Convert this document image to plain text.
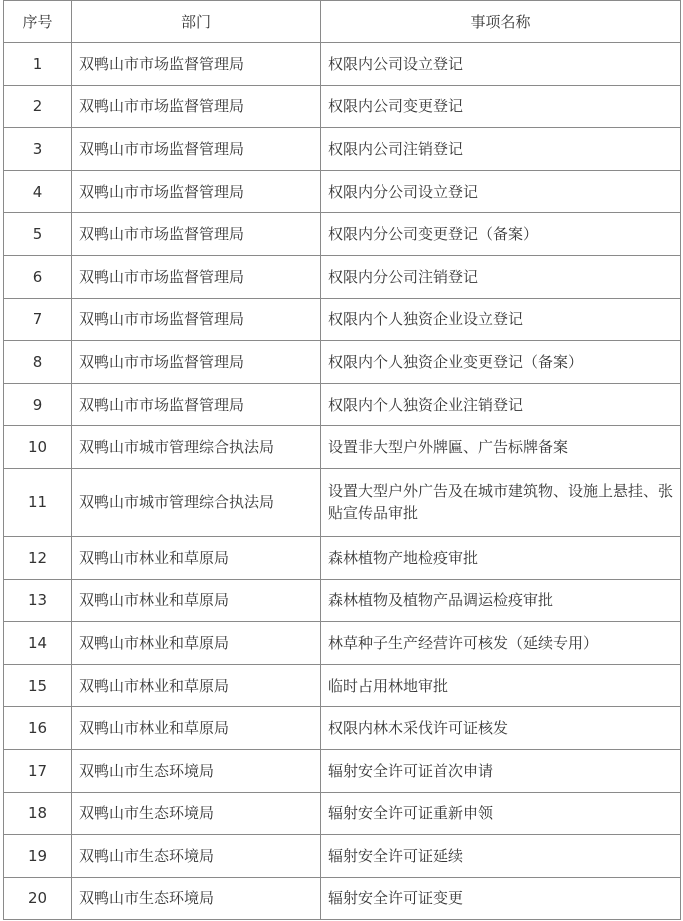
序号	部门	事项名称
1	双鸭山市市场监督管理局	权限内公司设立登记
2	双鸭山市市场监督管理局	权限内公司变更登记
3	双鸭山市市场监督管理局	权限内公司注销登记
4	双鸭山市市场监督管理局	权限内分公司设立登记
5	双鸭山市市场监督管理局	权限内分公司变更登记（备案）
6	双鸭山市市场监督管理局	权限内分公司注销登记
7	双鸭山市市场监督管理局	权限内个人独资企业设立登记
8	双鸭山市市场监督管理局	权限内个人独资企业变更登记（备案）
9	双鸭山市市场监督管理局	权限内个人独资企业注销登记
10	双鸭山市城市管理综合执法局	设置非大型户外牌匾、广告标牌备案
11	双鸭山市城市管理综合执法局	设置大型户外广告及在城市建筑物、设施上悬挂、张贴宣传品审批
12	双鸭山市林业和草原局	森林植物产地检疫审批
13	双鸭山市林业和草原局	森林植物及植物产品调运检疫审批
14	双鸭山市林业和草原局	林草种子生产经营许可核发（延续专用）
15	双鸭山市林业和草原局	临时占用林地审批
16	双鸭山市林业和草原局	权限内林木采伐许可证核发
17	双鸭山市生态环境局	辐射安全许可证首次申请
18	双鸭山市生态环境局	辐射安全许可证重新申领
19	双鸭山市生态环境局	辐射安全许可证延续
20	双鸭山市生态环境局	辐射安全许可证变更
